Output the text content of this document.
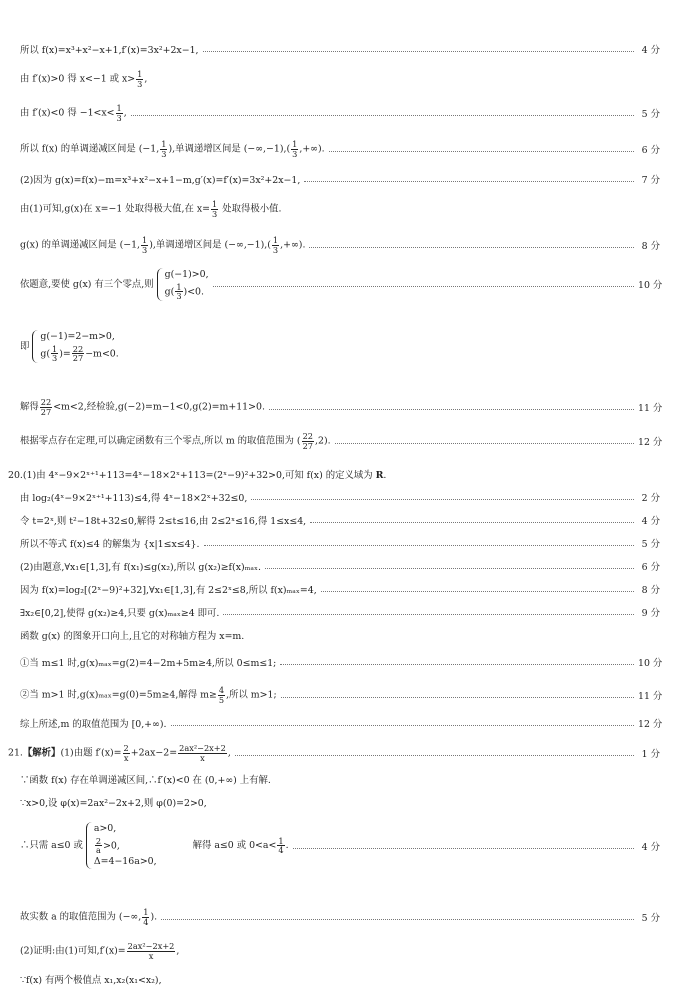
所以 f(x)=x³+x²−x+1,f′(x)=3x²+2x−1,	4 分
由 f′(x)>0 得 x<−1 或 $x> \frac{1}{3}$ ,
由 f′(x)<0 得 $-1<x< \frac{1}{3}$ ,	5 分
所以 f(x) 的单调递减区间是 (−1, $\frac{1}{3}$ ),单调递增区间是 $(-\infty,-1),( \frac{1}{3}$ ,+∞).	6 分
(2)因为 g(x)=f(x)−m=x³+x²−x+1−m,g′(x)=f′(x)=3x²+2x−1,	7 分
由(1)可知,g(x)在 x=−1 处取得极大值,在 $x= \frac{1}{3}$ 处取得极小值.
g(x) 的单调递减区间是 (−1, $\frac{1}{3}$ ),单调递增区间是 $(-\infty,-1),( \frac{1}{3}$ ,+∞).	8 分
依题意,要使 g(x) 有三个零点,则
g(−1)>0,
$g( \frac{1}{3} )<0$.
10 分
即
g(−1)=2−m>0,
$g( \frac{1}{3}$ )= $\frac{22}{27} -m<0$.
解得 $\frac{22}{27} <m<2$,经检验,g(−2)=m−1<0,g(2)=m+11>0.	11 分
根据零点存在定理,可以确定函数有三个零点,所以 m 的取值范围为 ( $\frac{22}{27} ,2$).	12 分
20.(1)由 4ˣ−9×2ˣ⁺¹+113=4ˣ−18×2ˣ+113=(2ˣ−9)²+32>0,可知 f(x) 的定义域为 R.
由 log₂(4ˣ−9×2ˣ⁺¹+113)≤4,得 4ˣ−18×2ˣ+32≤0,	2 分
令 t=2ˣ,则 t²−18t+32≤0,解得 2≤t≤16,由 2≤2ˣ≤16,得 1≤x≤4,	4 分
所以不等式 f(x)≤4 的解集为 {x|1≤x≤4}.	5 分
(2)由题意,∀x₁∈[1,3],有 f(x₁)≤g(x₂),所以 g(x₂)≥f(x)ₘₐₓ.	6 分
因为 f(x)=log₂[(2ˣ−9)²+32],∀x₁∈[1,3],有 2≤2ˣ≤8,所以 f(x)ₘₐₓ=4,	8 分
∃x₂∈[0,2],使得 g(x₂)≥4,只要 g(x)ₘₐₓ≥4 即可.	9 分
函数 g(x) 的图象开口向上,且它的对称轴方程为 x=m.
①当 m≤1 时,g(x)ₘₐₓ=g(2)=4−2m+5m≥4,所以 0≤m≤1;	10 分
②当 m>1 时,g(x)ₘₐₓ=g(0)=5m≥4,解得 $m\ge \frac{4}{5}$ ,所以 m>1;	11 分
综上所述,m 的取值范围为 [0,+∞).	12 分
21.【解析】(1)由题 $f'(x)= \frac{2}{x} +2ax-2= \frac{\text{2ax²−2x+2}}{x}$ ,	1 分
∵函数 f(x) 存在单调递减区间,∴f′(x)<0 在 (0,+∞) 上有解.
∵x>0,设 φ(x)=2ax²−2x+2,则 φ(0)=2>0,
∴只需 a≤0 或
a>0,
$\frac{2}{a} >0$,
Δ=4−16a>0,
解得 a≤0 或 $0<a< \frac{1}{4}$ .	4 分
故实数 a 的取值范围为 (−∞, $\frac{1}{4}$ ).	5 分
(2)证明:由(1)可知$,f'(x)= \frac{\text{2ax²−2x+2}}{x}$ ,
∵f(x) 有两个极值点 x₁,x₂(x₁<x₂),
